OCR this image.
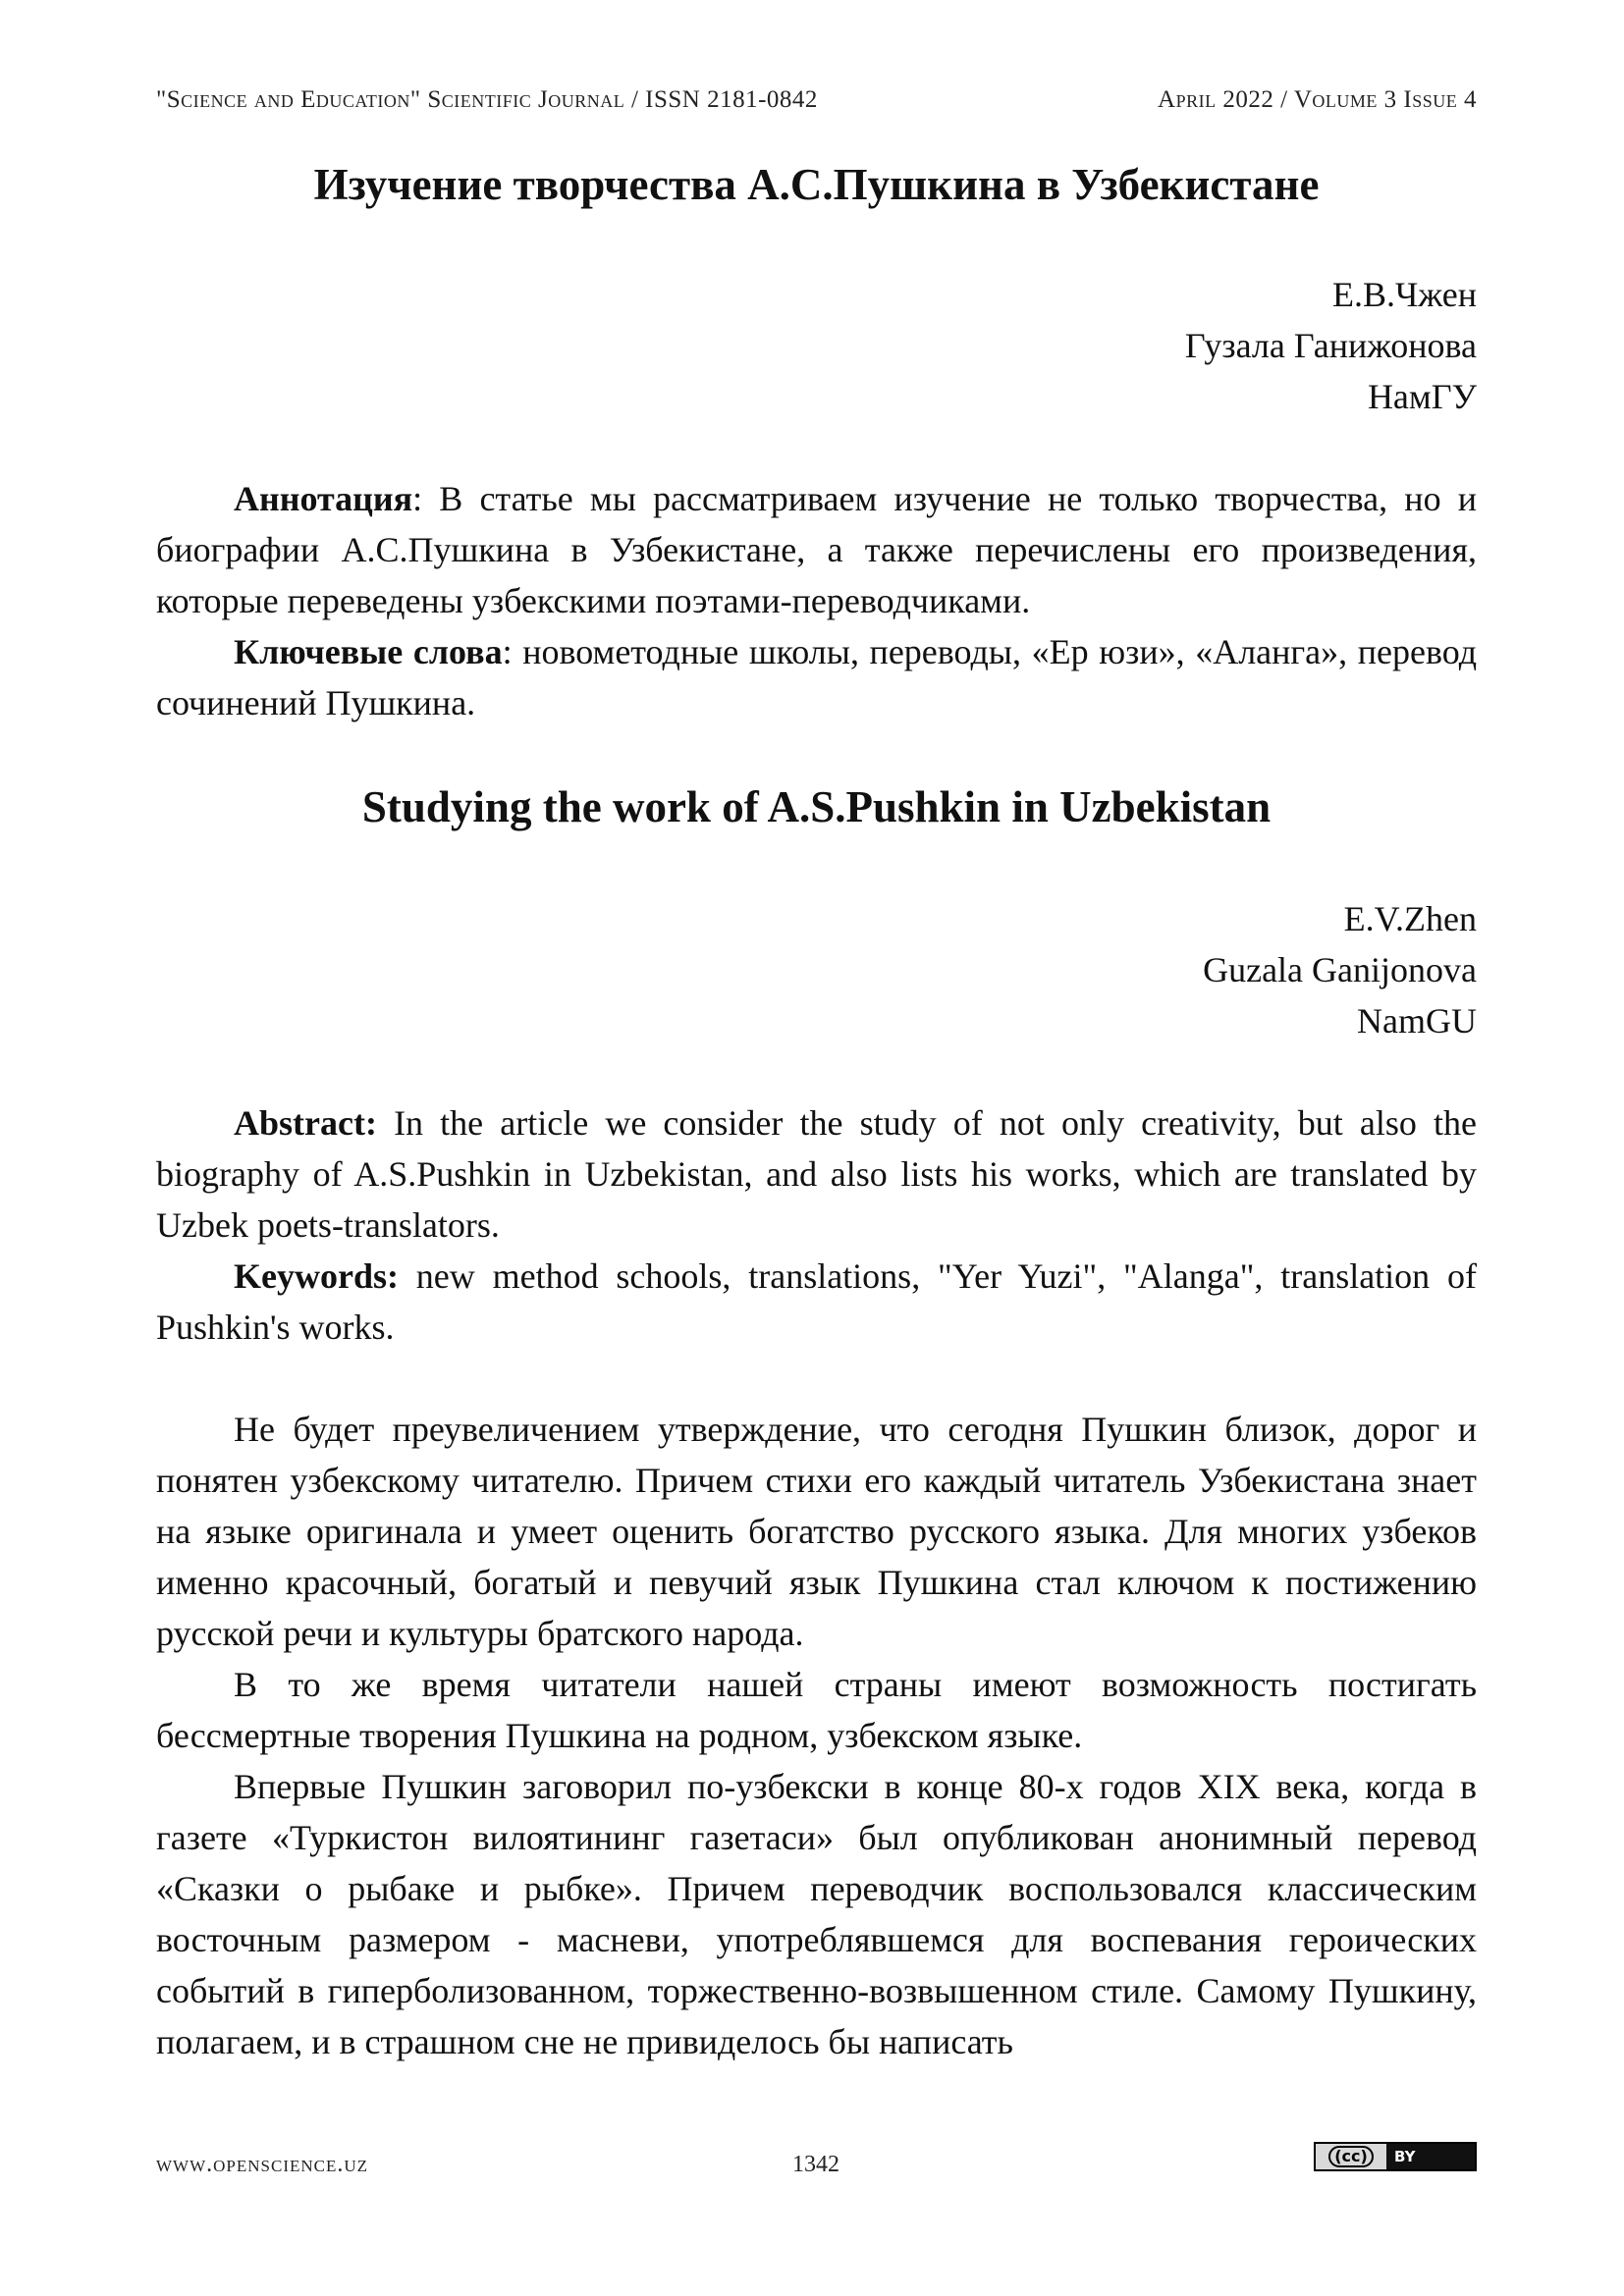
"Science and Education" Scientific Journal / ISSN 2181-0842	April 2022 / Volume 3 Issue 4
Изучение творчества А.С.Пушкина в Узбекистане
Е.В.Чжен
Гузала Ганижонова
НамГУ

Аннотация: В статье мы рассматриваем изучение не только творчества, но и биографии А.С.Пушкина в Узбекистане, а также перечислены его произведения, которые переведены узбекскими поэтами-переводчиками.

Ключевые слова: новометодные школы, переводы, «Ер юзи», «Аланга», перевод сочинений Пушкина.

Studying the work of A.S.Pushkin in Uzbekistan
E.V.Zhen
Guzala Ganijonova
NamGU

Abstract: In the article we consider the study of not only creativity, but also the biography of A.S.Pushkin in Uzbekistan, and also lists his works, which are translated by Uzbek poets-translators.

Keywords: new method schools, translations, "Yer Yuzi", "Alanga", translation of Pushkin's works.

Не будет преувеличением утверждение, что сегодня Пушкин близок, дорог и понятен узбекскому читателю. Причем стихи его каждый читатель Узбекистана знает на языке оригинала и умеет оценить богатство русского языка. Для многих узбеков именно красочный, богатый и певучий язык Пушкина стал ключом к постижению русской речи и культуры братского народа.

В то же время читатели нашей страны имеют возможность постигать бессмертные творения Пушкина на родном, узбекском языке.

Впервые Пушкин заговорил по-узбекски в конце 80-х годов XIX века, когда в газете «Туркистон вилоятининг газетаси» был опубликован анонимный перевод «Сказки о рыбаке и рыбке». Причем переводчик воспользовался классическим восточным размером - масневи, употреблявшемся для воспевания героических событий в гиперболизованном, торжественно-возвышенном стиле. Самому Пушкину, полагаем, и в страшном сне не привиделось бы написать

www.openscience.uz	1342	(cc)	BY
